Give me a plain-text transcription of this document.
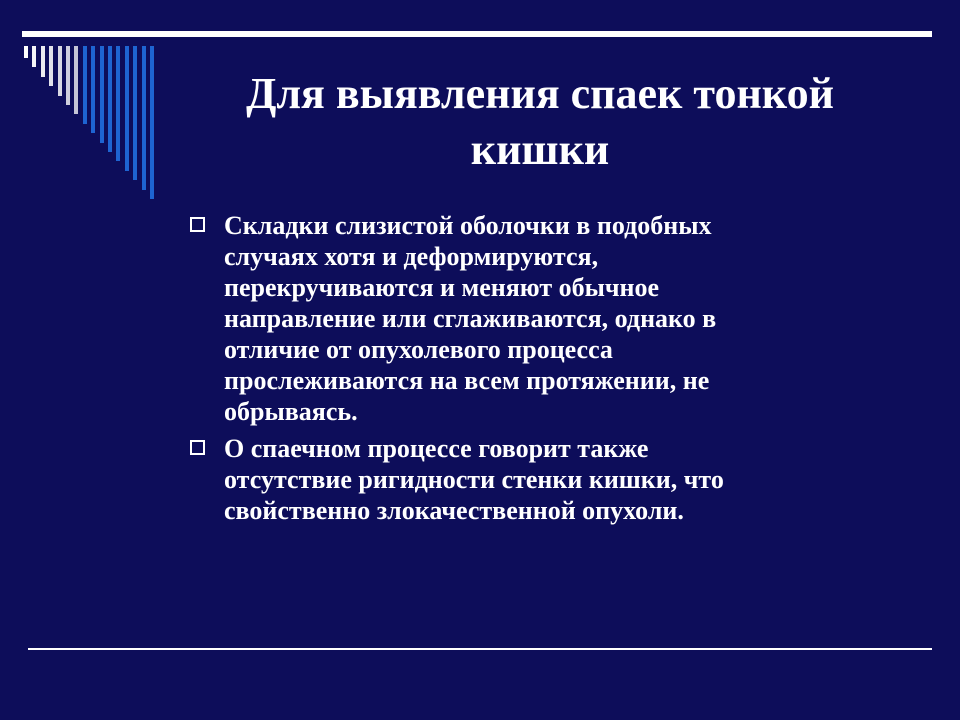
Для выявления спаек тонкой
кишки
Складки слизистой оболочки в подобных
случаях хотя и деформируются,
перекручиваются и меняют обычное
направление или сглаживаются, однако в
отличие от опухолевого процесса
прослеживаются на всем протяжении, не
обрываясь.
О спаечном процессе говорит также
отсутствие ригидности стенки кишки, что
свойственно злокачественной опухоли.
